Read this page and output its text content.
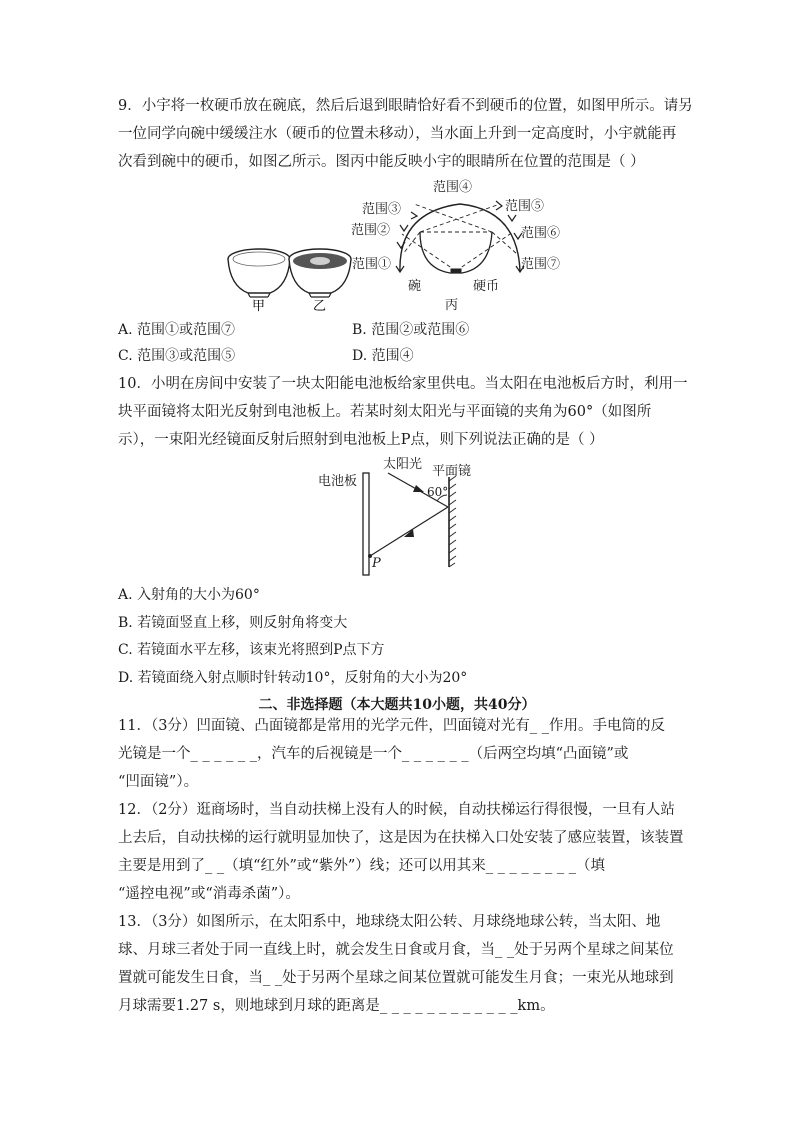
9．小宇将一枚硬币放在碗底，然后后退到眼睛恰好看不到硬币的位置，如图甲所示。请另
一位同学向碗中缓缓注水（硬币的位置未移动），当水面上升到一定高度时，小宇就能再
次看到碗中的硬币，如图乙所示。图丙中能反映小宇的眼睛所在位置的范围是（ ）
甲	乙
范围①
范围②
范围③
范围④
范围⑤
范围⑥
范围⑦
碗	硬币
丙
A. 范围①或范围⑦	B. 范围②或范围⑥
C. 范围③或范围⑤	D. 范围④
10．小明在房间中安装了一块太阳能电池板给家里供电。当太阳在电池板后方时，利用一
块平面镜将太阳光反射到电池板上。若某时刻太阳光与平面镜的夹角为60°（如图所
示），一束阳光经镜面反射后照射到电池板上P点，则下列说法正确的是（ ）
电池板
太阳光 平面镜
60°
P
A. 入射角的大小为60°
B. 若镜面竖直上移，则反射角将变大
C. 若镜面水平左移，该束光将照到P点下方
D. 若镜面绕入射点顺时针转动10°，反射角的大小为20°
二、非选择题（本大题共10小题，共40分）
11．（3分）凹面镜、凸面镜都是常用的光学元件，凹面镜对光有_ _作用。手电筒的反
光镜是一个_ _ _ _ _ _，汽车的后视镜是一个_ _ _ _ _ _（后两空均填“凸面镜”或
“凹面镜”）。
12．（2分）逛商场时，当自动扶梯上没有人的时候，自动扶梯运行得很慢，一旦有人站
上去后，自动扶梯的运行就明显加快了，这是因为在扶梯入口处安装了感应装置，该装置
主要是用到了_ _（填“红外”或“紫外”）线；还可以用其来_ _ _ _ _ _ _ _（填
“遥控电视”或“消毒杀菌”）。
13．（3分）如图所示，在太阳系中，地球绕太阳公转、月球绕地球公转，当太阳、地
球、月球三者处于同一直线上时，就会发生日食或月食，当_ _处于另两个星球之间某位
置就可能发生日食，当_ _处于另两个星球之间某位置就可能发生月食；一束光从地球到
月球需要1.27 s，则地球到月球的距离是_ _ _ _ _ _ _ _ _ _ _ _km。
